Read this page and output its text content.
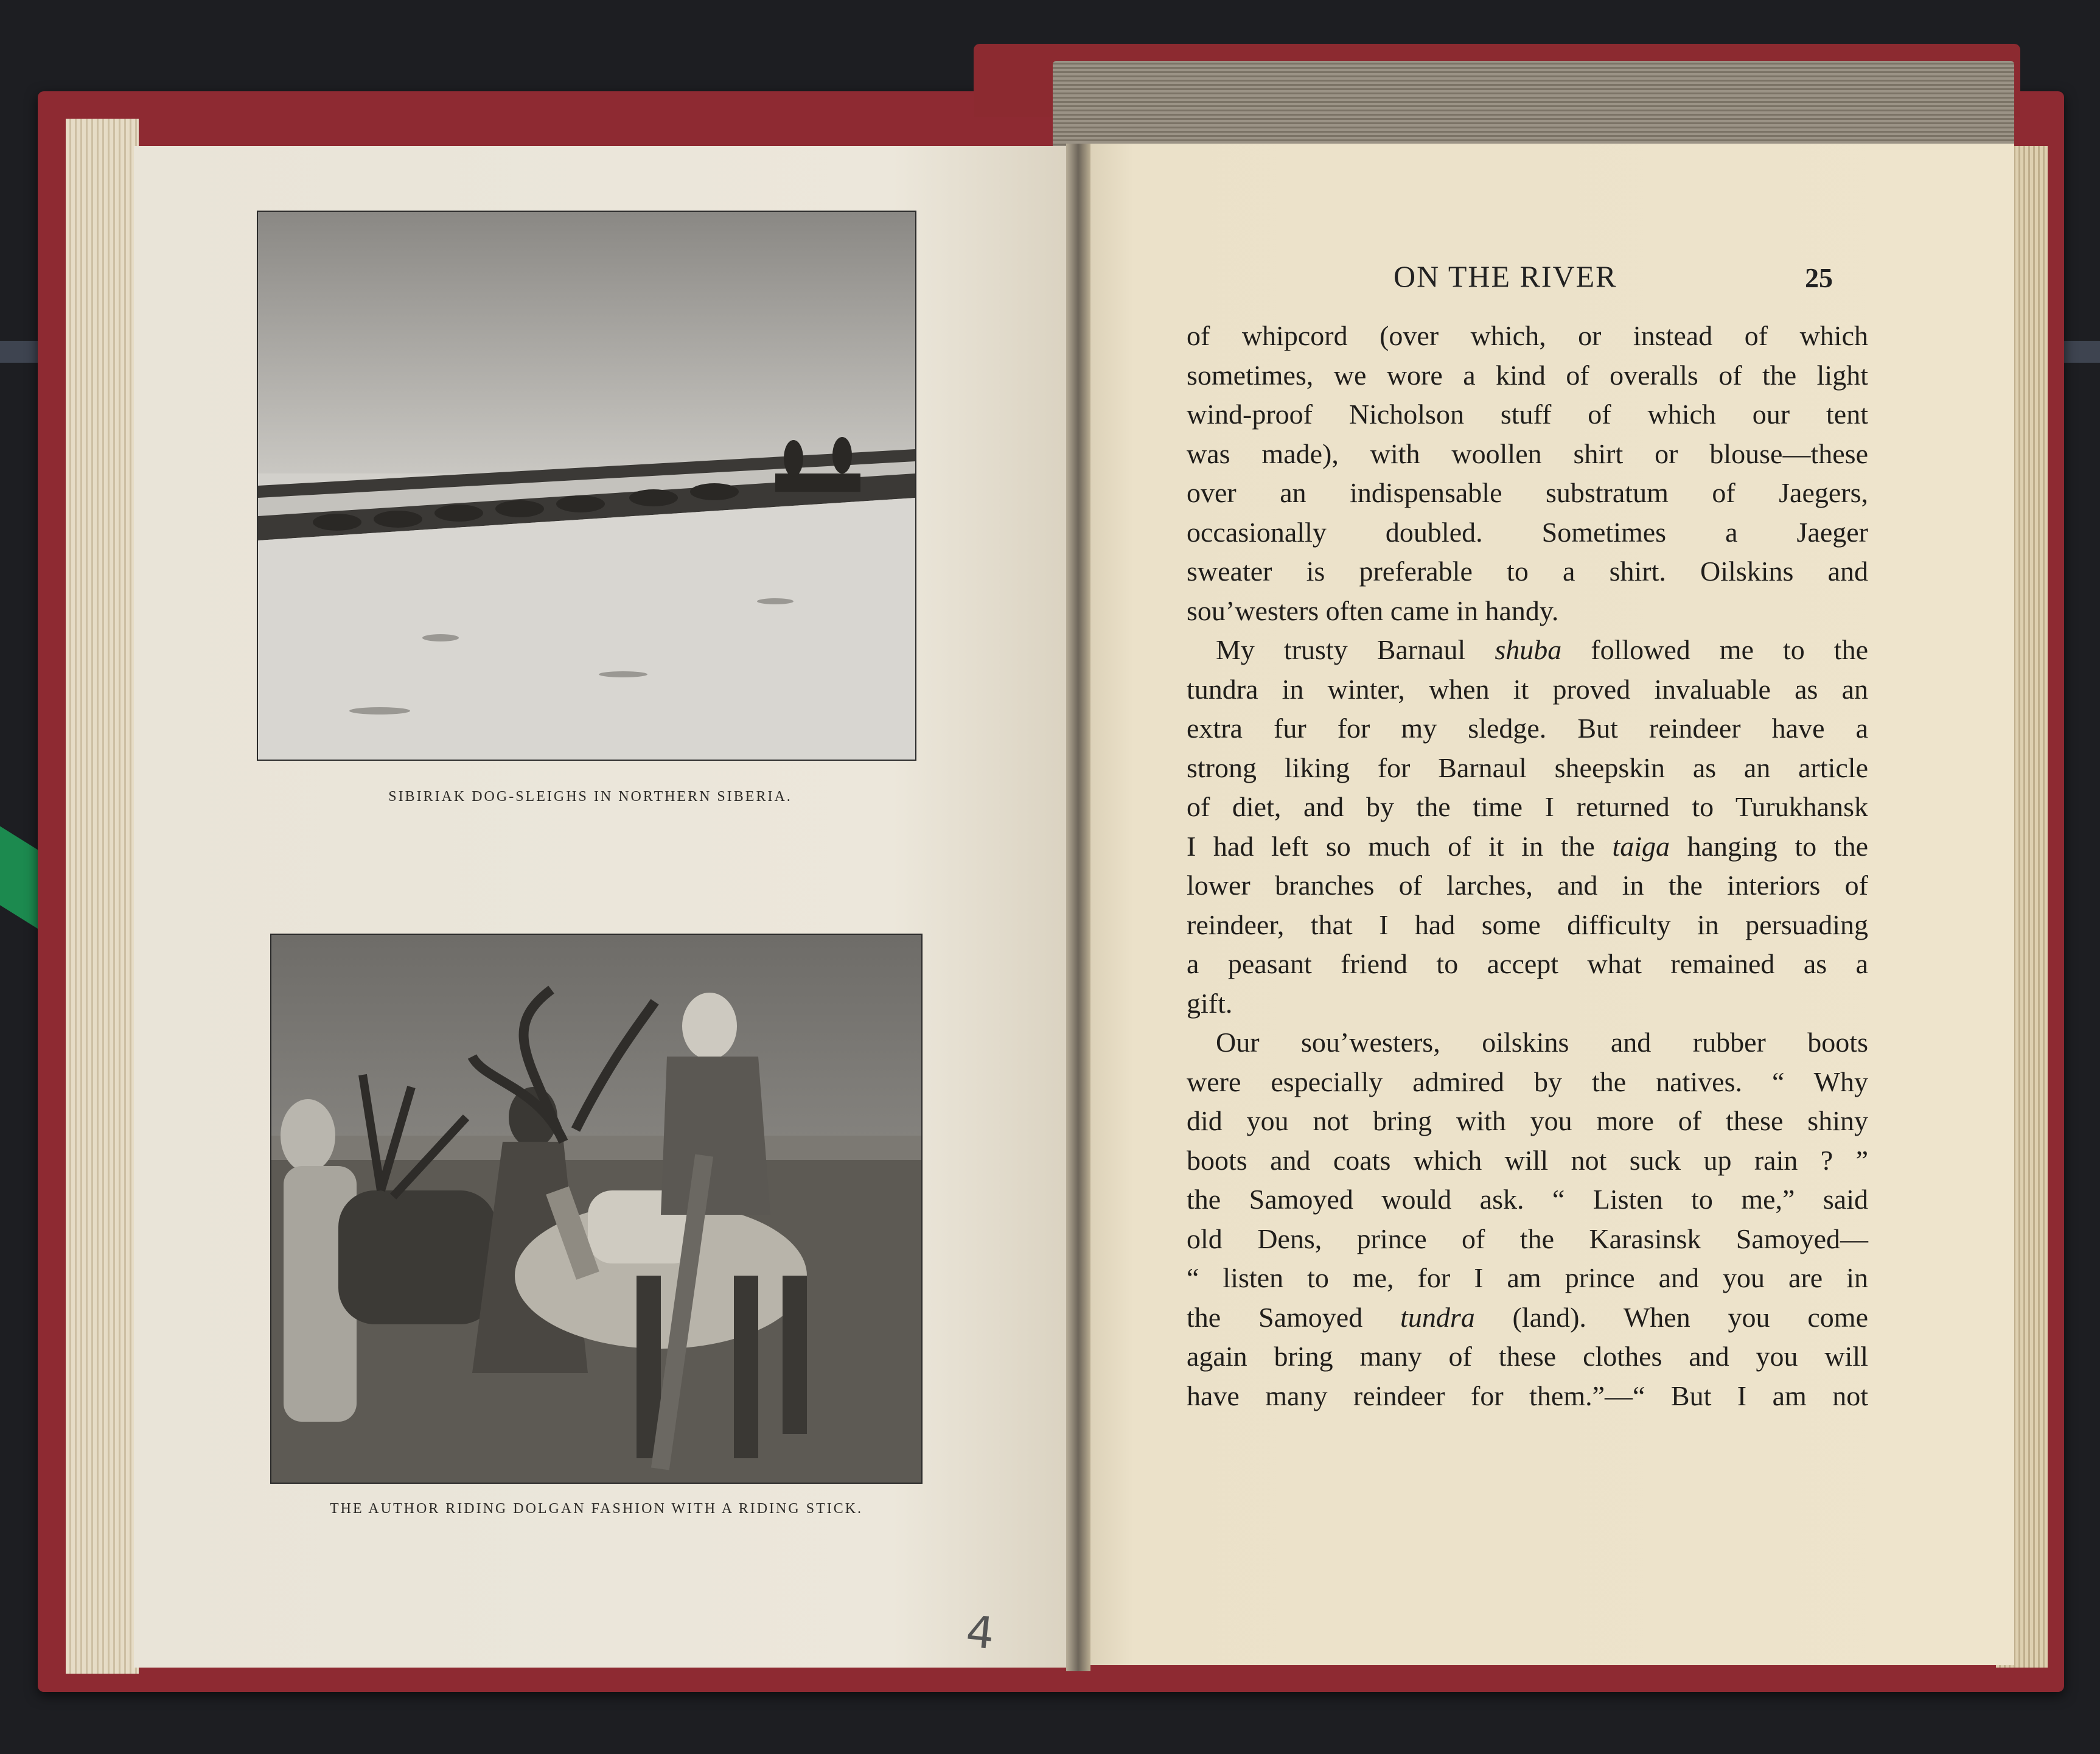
SIBIRIAK DOG-SLEIGHS IN NORTHERN SIBERIA.
THE AUTHOR RIDING DOLGAN FASHION WITH A RIDING STICK.
4
ON THE RIVER	25
of whipcord (over which, or instead of which
sometimes, we wore a kind of overalls of the light
wind-proof Nicholson stuff of which our tent
was made), with woollen shirt or blouse—these
over an indispensable substratum of Jaegers,
occasionally doubled. Sometimes a Jaeger
sweater is preferable to a shirt. Oilskins and
sou’westers often came in handy.
My trusty Barnaul shuba followed me to the
tundra in winter, when it proved invaluable as an
extra fur for my sledge. But reindeer have a
strong liking for Barnaul sheepskin as an article
of diet, and by the time I returned to Turukhansk
I had left so much of it in the taiga hanging to the
lower branches of larches, and in the interiors of
reindeer, that I had some difficulty in persuading
a peasant friend to accept what remained as a
gift.
Our sou’westers, oilskins and rubber boots
were especially admired by the natives. “ Why
did you not bring with you more of these shiny
boots and coats which will not suck up rain ? ”
the Samoyed would ask. “ Listen to me,” said
old Dens, prince of the Karasinsk Samoyed—
“ listen to me, for I am prince and you are in
the Samoyed tundra (land). When you come
again bring many of these clothes and you will
have many reindeer for them.”—“ But I am not
